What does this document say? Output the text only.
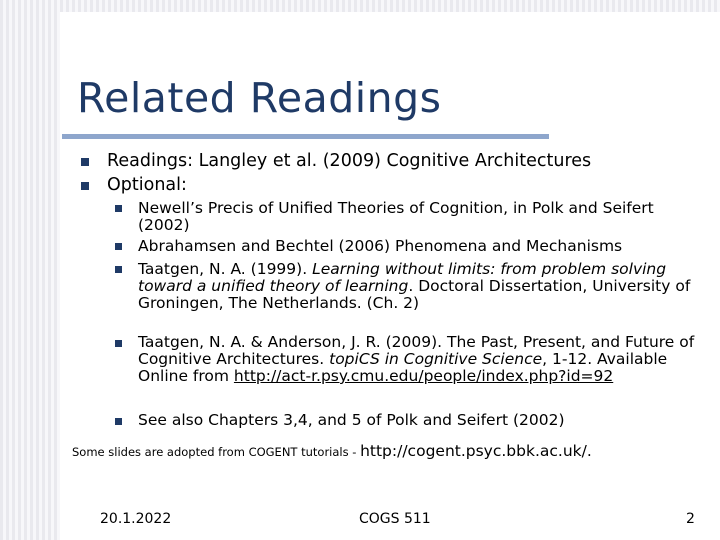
Related Readings
Readings: Langley et al. (2009) Cognitive Architectures
Optional:
Newell’s Precis of Unified Theories of Cognition, in Polk and Seifert (2002)
Abrahamsen and Bechtel (2006) Phenomena and Mechanisms
Taatgen, N. A. (1999). Learning without limits: from problem solving toward a unified theory of learning. Doctoral Dissertation, University of Groningen, The Netherlands. (Ch. 2)
Taatgen, N. A. & Anderson, J. R. (2009). The Past, Present, and Future of Cognitive Architectures. topiCS in Cognitive Science, 1-12. Available Online from http://act-r.psy.cmu.edu/people/index.php?id=92
See also Chapters 3,4, and 5 of Polk and Seifert (2002)
Some slides are adopted from COGENT tutorials - http://cogent.psyc.bbk.ac.uk/.
20.1.2022	COGS 511	2
